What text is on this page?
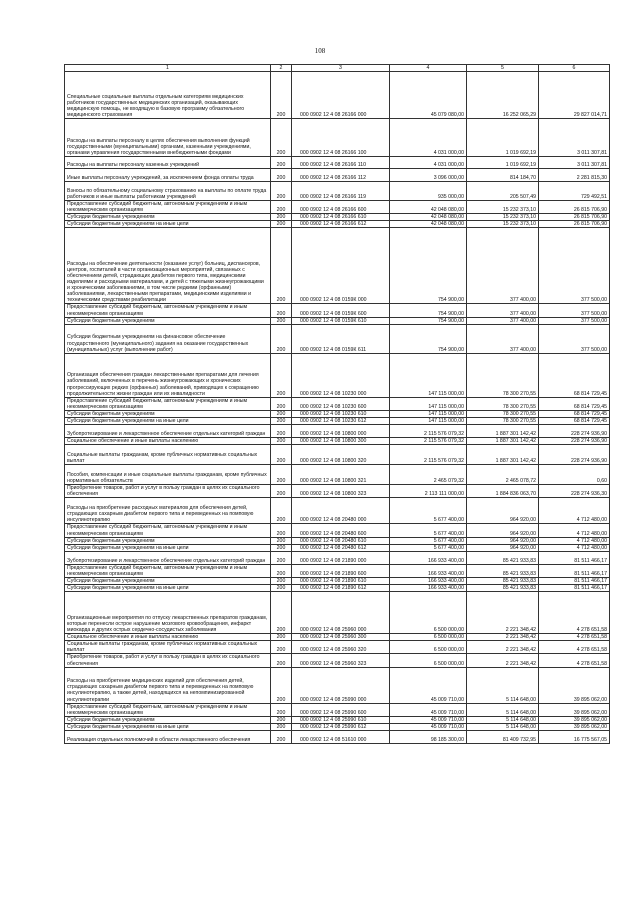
108
1	2	3	4	5	6
Специальные социальные выплаты отдельным категориям медицинских работников государственных медицинских организаций, оказывающих медицинскую помощь, не входящую в базовую программу обязательного медицинского страхования	200	000 0902 12 4 08 26166 000	45 079 080,00	16 252 065,29	29 827 014,71
Расходы на выплаты персоналу в целях обеспечения выполнения функций государственными (муниципальными) органами, казенными учреждениями, органами управления государственными внебюджетными фондами	200	000 0902 12 4 08 26166 100	4 031 000,00	1 019 692,19	3 011 307,81
Расходы на выплаты персоналу казенных учреждений	200	000 0902 12 4 08 26166 110	4 031 000,00	1 019 692,19	3 011 307,81
Иные выплаты персоналу учреждений, за исключением фонда оплаты труда	200	000 0902 12 4 08 26166 112	3 096 000,00	814 184,70	2 281 815,30
Взносы по обязательному социальному страхованию на выплаты по оплате труда работников и иные выплаты работникам учреждений	200	000 0902 12 4 08 26166 119	935 000,00	205 507,49	729 492,51
Предоставление субсидий бюджетным, автономным учреждениям и иным некоммерческим организациям	200	000 0902 12 4 08 26166 600	42 048 080,00	15 232 373,10	26 815 706,90
Субсидии бюджетным учреждениям	200	000 0902 12 4 08 26166 610	42 048 080,00	15 232 373,10	26 815 706,90
Субсидии бюджетным учреждениям на иные цели	200	000 0902 12 4 08 26166 612	42 048 080,00	15 232 373,10	26 815 706,90
Расходы на обеспечение деятельности (оказание услуг) больниц, диспансеров, центров, госпиталей в части организационных мероприятий, связанных с обеспечением детей, страдающих диабетом первого типа, медицинскими изделиями и расходными материалами, и детей с тяжелыми жизнеугрожающими и хроническими заболеваниями, в том числе редкими (орфанными) заболеваниями, лекарственными препаратами, медицинскими изделиями и техническими средствами реабилитации	200	000 0902 12 4 08 0159К 000	754 900,00	377 400,00	377 500,00
Предоставление субсидий бюджетным, автономным учреждениям и иным некоммерческим организациям	200	000 0902 12 4 08 0159К 600	754 900,00	377 400,00	377 500,00
Субсидии бюджетным учреждениям	200	000 0902 12 4 08 0159К 610	754 900,00	377 400,00	377 500,00
Субсидии бюджетным учреждениям на финансовое обеспечение государственного (муниципального) задания на оказание государственных (муниципальных) услуг (выполнение работ)	200	000 0902 12 4 08 0159К 611	754 900,00	377 400,00	377 500,00
Организация обеспечения граждан лекарственными препаратами для лечения заболеваний, включенных в перечень жизнеугрожающих и хронических прогрессирующих редких (орфанных) заболеваний, приводящих к сокращению продолжительности жизни граждан или их инвалидности	200	000 0902 12 4 08 10230 000	147 115 000,00	78 300 270,55	68 814 729,45
Предоставление субсидий бюджетным, автономным учреждениям и иным некоммерческим организациям	200	000 0902 12 4 08 10230 600	147 115 000,00	78 300 270,55	68 814 729,45
Субсидии бюджетным учреждениям	200	000 0902 12 4 08 10230 610	147 115 000,00	78 300 270,55	68 814 729,45
Субсидии бюджетным учреждениям на иные цели	200	000 0902 12 4 08 10230 612	147 115 000,00	78 300 270,55	68 814 729,45
Зубопротезирование и лекарственное обеспечение отдельных категорий граждан	200	000 0902 12 4 08 10800 000	2 115 576 079,32	1 887 301 142,42	228 274 936,90
Социальное обеспечение и иные выплаты населению	200	000 0902 12 4 08 10800 300	2 115 576 079,32	1 887 301 142,42	228 274 936,90
Социальные выплаты гражданам, кроме публичных нормативных социальных выплат	200	000 0902 12 4 08 10800 320	2 115 576 079,32	1 887 301 142,42	228 274 936,90
Пособия, компенсации и иные социальные выплаты гражданам, кроме публичных нормативных обязательств	200	000 0902 12 4 08 10800 321	2 465 079,32	2 465 078,72	0,60
Приобретение товаров, работ и услуг в пользу граждан в целях их социального обеспечения	200	000 0902 12 4 08 10800 323	2 113 111 000,00	1 884 836 063,70	228 274 936,30
Расходы на приобретение расходных материалов для обеспечения детей, страдающих сахарным диабетом первого типа и переведенных на помповую инсулинотерапию	200	000 0902 12 4 08 20480 000	5 677 400,00	964 920,00	4 712 480,00
Предоставление субсидий бюджетным, автономным учреждениям и иным некоммерческим организациям	200	000 0902 12 4 08 20480 600	5 677 400,00	964 920,00	4 712 480,00
Субсидии бюджетным учреждениям	200	000 0902 12 4 08 20480 610	5 677 400,00	964 920,00	4 712 480,00
Субсидии бюджетным учреждениям на иные цели	200	000 0902 12 4 08 20480 612	5 677 400,00	964 920,00	4 712 480,00
Зубопротезирование и лекарственное обеспечение отдельных категорий граждан	200	000 0902 12 4 08 21890 000	166 933 400,00	85 421 933,83	81 511 466,17
Предоставление субсидий бюджетным, автономным учреждениям и иным некоммерческим организациям	200	000 0902 12 4 08 21890 600	166 933 400,00	85 421 933,83	81 511 466,17
Субсидии бюджетным учреждениям	200	000 0902 12 4 08 21890 610	166 933 400,00	85 421 933,83	81 511 466,17
Субсидии бюджетным учреждениям на иные цели	200	000 0902 12 4 08 21890 612	166 933 400,00	85 421 933,83	81 511 466,17
Организационные мероприятия по отпуску лекарственных препаратов гражданам, которые перенесли острое нарушение мозгового кровообращения, инфаркт миокарда и других острых сердечно-сосудистых заболевания	200	000 0902 12 4 08 25960 000	6 500 000,00	2 221 348,42	4 278 651,58
Социальное обеспечение и иные выплаты населению	200	000 0902 12 4 08 25960 300	6 500 000,00	2 221 348,42	4 278 651,58
Социальные выплаты гражданам, кроме публичных нормативных социальных выплат	200	000 0902 12 4 08 25960 320	6 500 000,00	2 221 348,42	4 278 651,58
Приобретение товаров, работ и услуг в пользу граждан в целях их социального обеспечения	200	000 0902 12 4 08 25960 323	6 500 000,00	2 221 348,42	4 278 651,58
Расходы на приобретение медицинских изделий для обеспечения детей, страдающих сахарным диабетом первого типа и переведенных на помповую инсулинотерапию, а также детей, находящихся на непомпинизированной инсулинотерапии	200	000 0902 12 4 08 25990 000	45 009 710,00	5 114 648,00	39 895 062,00
Предоставление субсидий бюджетным, автономным учреждениям и иным некоммерческим организациям	200	000 0902 12 4 08 25990 600	45 009 710,00	5 114 648,00	39 895 062,00
Субсидии бюджетным учреждениям	200	000 0902 12 4 08 25990 610	45 009 710,00	5 114 648,00	39 895 062,00
Субсидии бюджетным учреждениям на иные цели	200	000 0902 12 4 08 25990 612	45 009 710,00	5 114 648,00	39 895 062,00
Реализация отдельных полномочий в области лекарственного обеспечения	200	000 0902 12 4 08 51610 000	98 185 300,00	81 409 732,95	16 775 567,05
